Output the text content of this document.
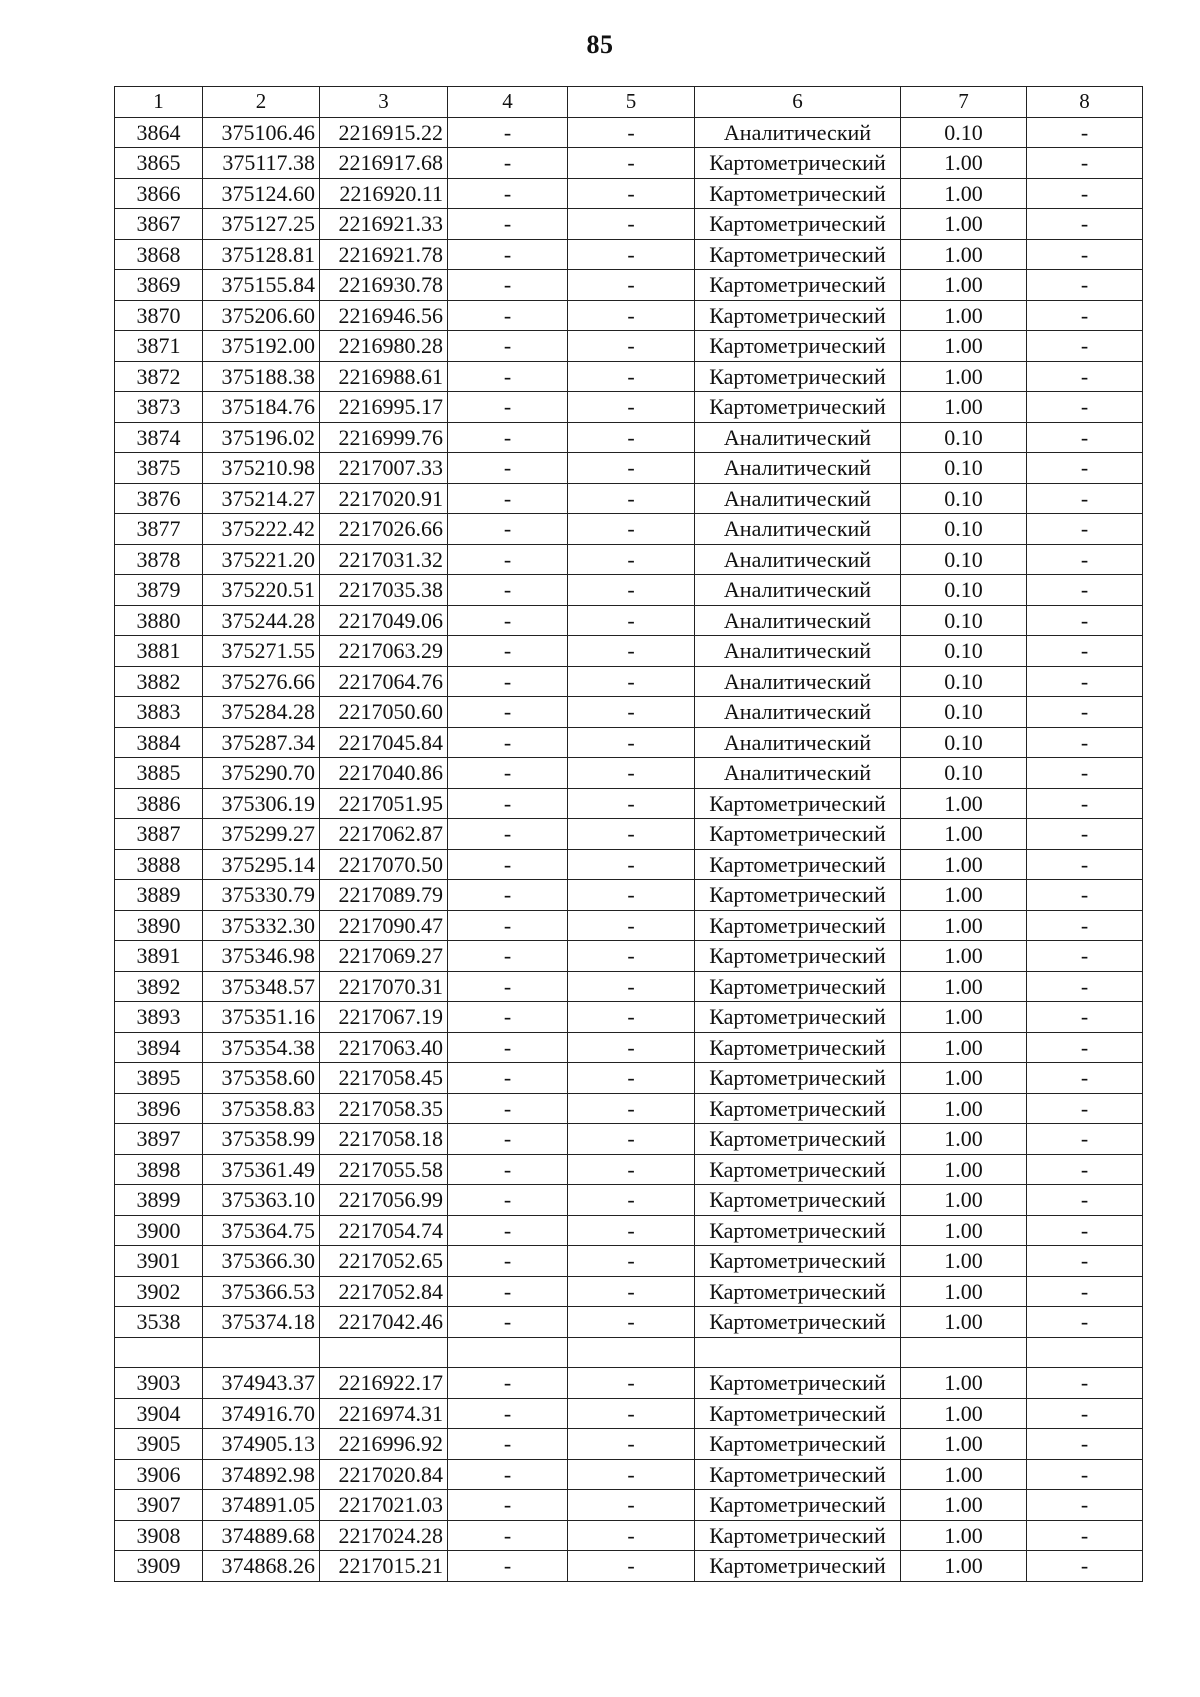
85
1	2	3	4	5	6	7	8
3864	375106.46	2216915.22	-	-	Аналитический	0.10	-
3865	375117.38	2216917.68	-	-	Картометрический	1.00	-
3866	375124.60	2216920.11	-	-	Картометрический	1.00	-
3867	375127.25	2216921.33	-	-	Картометрический	1.00	-
3868	375128.81	2216921.78	-	-	Картометрический	1.00	-
3869	375155.84	2216930.78	-	-	Картометрический	1.00	-
3870	375206.60	2216946.56	-	-	Картометрический	1.00	-
3871	375192.00	2216980.28	-	-	Картометрический	1.00	-
3872	375188.38	2216988.61	-	-	Картометрический	1.00	-
3873	375184.76	2216995.17	-	-	Картометрический	1.00	-
3874	375196.02	2216999.76	-	-	Аналитический	0.10	-
3875	375210.98	2217007.33	-	-	Аналитический	0.10	-
3876	375214.27	2217020.91	-	-	Аналитический	0.10	-
3877	375222.42	2217026.66	-	-	Аналитический	0.10	-
3878	375221.20	2217031.32	-	-	Аналитический	0.10	-
3879	375220.51	2217035.38	-	-	Аналитический	0.10	-
3880	375244.28	2217049.06	-	-	Аналитический	0.10	-
3881	375271.55	2217063.29	-	-	Аналитический	0.10	-
3882	375276.66	2217064.76	-	-	Аналитический	0.10	-
3883	375284.28	2217050.60	-	-	Аналитический	0.10	-
3884	375287.34	2217045.84	-	-	Аналитический	0.10	-
3885	375290.70	2217040.86	-	-	Аналитический	0.10	-
3886	375306.19	2217051.95	-	-	Картометрический	1.00	-
3887	375299.27	2217062.87	-	-	Картометрический	1.00	-
3888	375295.14	2217070.50	-	-	Картометрический	1.00	-
3889	375330.79	2217089.79	-	-	Картометрический	1.00	-
3890	375332.30	2217090.47	-	-	Картометрический	1.00	-
3891	375346.98	2217069.27	-	-	Картометрический	1.00	-
3892	375348.57	2217070.31	-	-	Картометрический	1.00	-
3893	375351.16	2217067.19	-	-	Картометрический	1.00	-
3894	375354.38	2217063.40	-	-	Картометрический	1.00	-
3895	375358.60	2217058.45	-	-	Картометрический	1.00	-
3896	375358.83	2217058.35	-	-	Картометрический	1.00	-
3897	375358.99	2217058.18	-	-	Картометрический	1.00	-
3898	375361.49	2217055.58	-	-	Картометрический	1.00	-
3899	375363.10	2217056.99	-	-	Картометрический	1.00	-
3900	375364.75	2217054.74	-	-	Картометрический	1.00	-
3901	375366.30	2217052.65	-	-	Картометрический	1.00	-
3902	375366.53	2217052.84	-	-	Картометрический	1.00	-
3538	375374.18	2217042.46	-	-	Картометрический	1.00	-

3903	374943.37	2216922.17	-	-	Картометрический	1.00	-
3904	374916.70	2216974.31	-	-	Картометрический	1.00	-
3905	374905.13	2216996.92	-	-	Картометрический	1.00	-
3906	374892.98	2217020.84	-	-	Картометрический	1.00	-
3907	374891.05	2217021.03	-	-	Картометрический	1.00	-
3908	374889.68	2217024.28	-	-	Картометрический	1.00	-
3909	374868.26	2217015.21	-	-	Картометрический	1.00	-
